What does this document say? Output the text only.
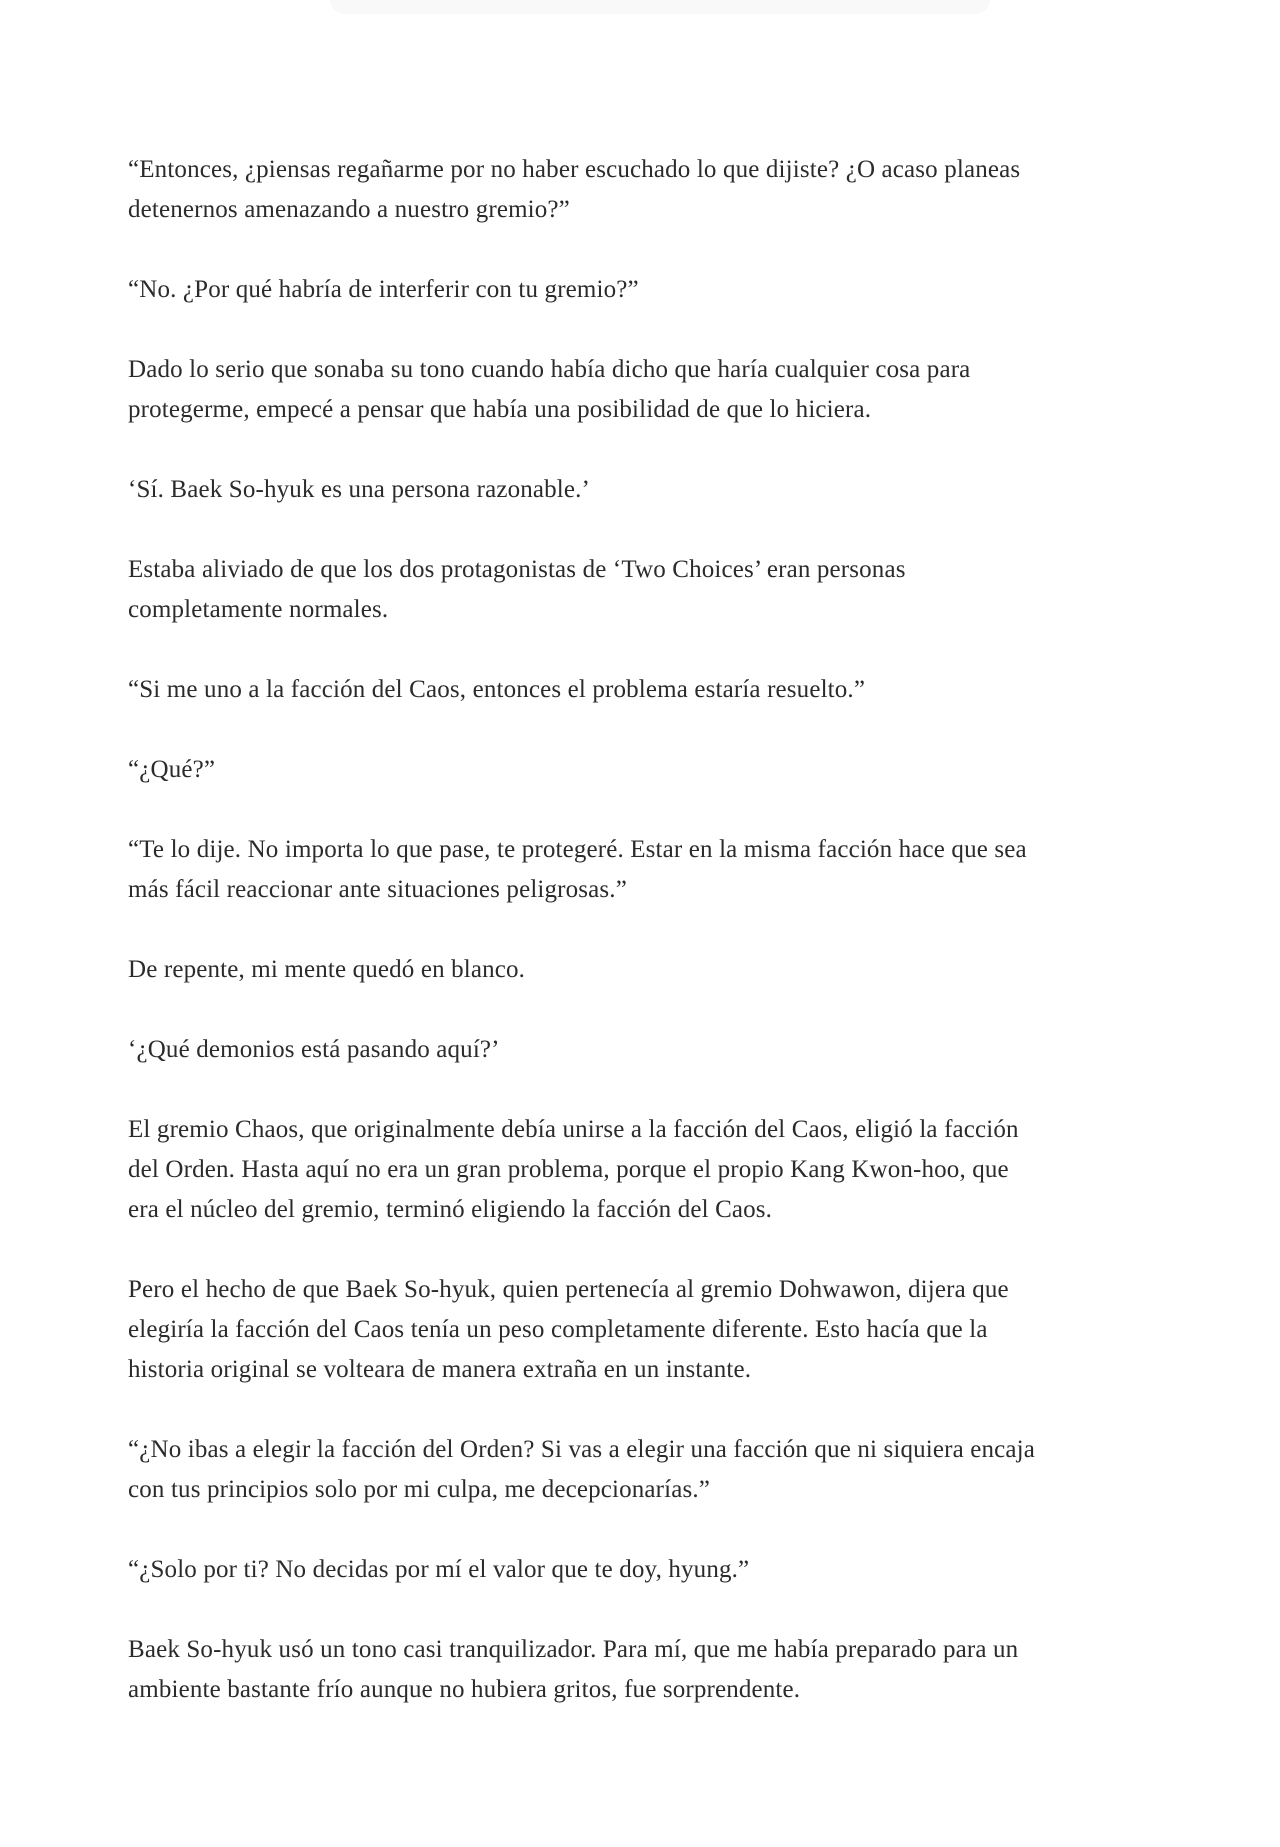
“Entonces, ¿piensas regañarme por no haber escuchado lo que dijiste? ¿O acaso planeas
detenernos amenazando a nuestro gremio?”

“No. ¿Por qué habría de interferir con tu gremio?”

Dado lo serio que sonaba su tono cuando había dicho que haría cualquier cosa para
protegerme, empecé a pensar que había una posibilidad de que lo hiciera.

‘Sí. Baek So-hyuk es una persona razonable.’

Estaba aliviado de que los dos protagonistas de ‘Two Choices’ eran personas
completamente normales.

“Si me uno a la facción del Caos, entonces el problema estaría resuelto.”

“¿Qué?”

“Te lo dije. No importa lo que pase, te protegeré. Estar en la misma facción hace que sea
más fácil reaccionar ante situaciones peligrosas.”

De repente, mi mente quedó en blanco.

‘¿Qué demonios está pasando aquí?’

El gremio Chaos, que originalmente debía unirse a la facción del Caos, eligió la facción
del Orden. Hasta aquí no era un gran problema, porque el propio Kang Kwon-hoo, que
era el núcleo del gremio, terminó eligiendo la facción del Caos.

Pero el hecho de que Baek So-hyuk, quien pertenecía al gremio Dohwawon, dijera que
elegiría la facción del Caos tenía un peso completamente diferente. Esto hacía que la
historia original se volteara de manera extraña en un instante.

“¿No ibas a elegir la facción del Orden? Si vas a elegir una facción que ni siquiera encaja
con tus principios solo por mi culpa, me decepcionarías.”

“¿Solo por ti? No decidas por mí el valor que te doy, hyung.”

Baek So-hyuk usó un tono casi tranquilizador. Para mí, que me había preparado para un
ambiente bastante frío aunque no hubiera gritos, fue sorprendente.
